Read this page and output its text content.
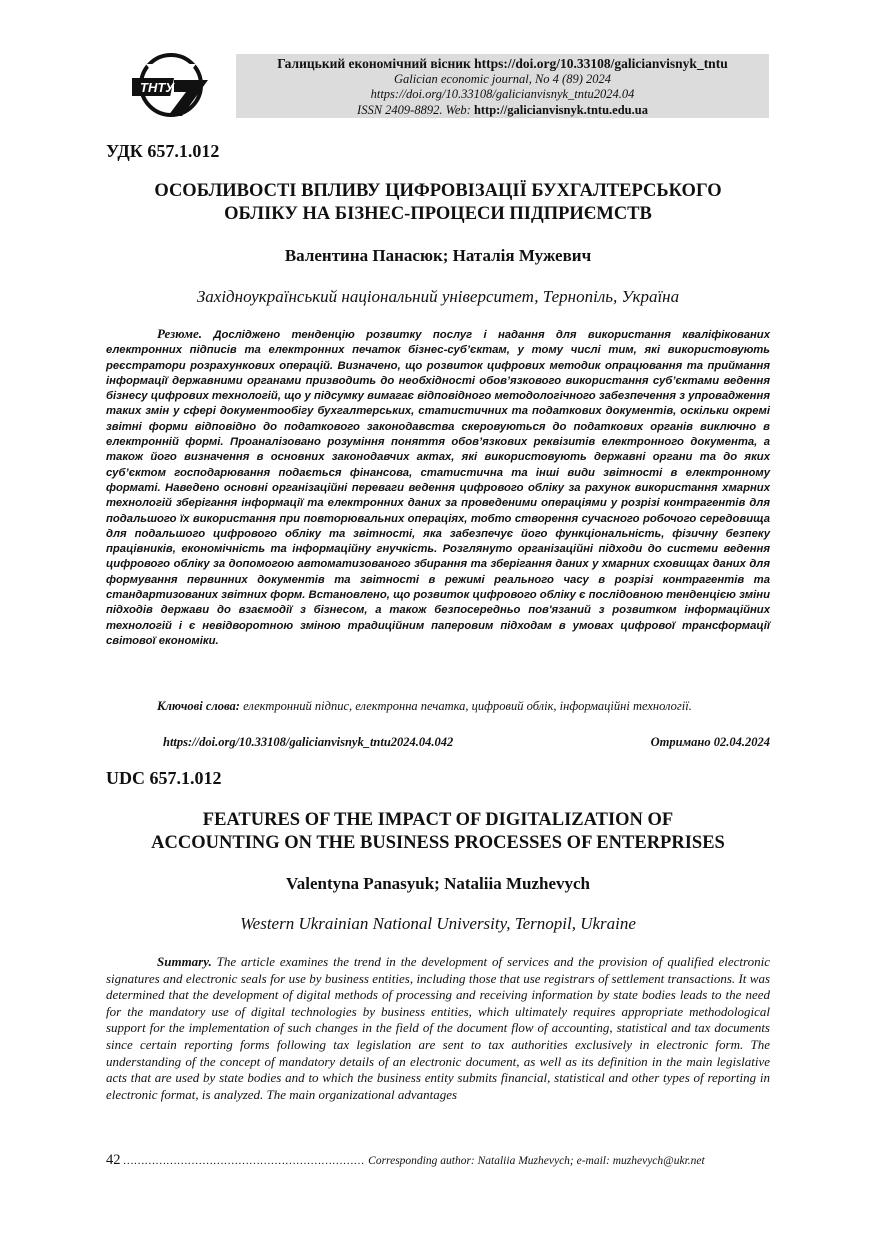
ТНТУ
Галицький економічний вісник https://doi.org/10.33108/galicianvisnyk_tntu
Galician economic journal, No 4 (89) 2024
https://doi.org/10.33108/galicianvisnyk_tntu2024.04
ISSN 2409-8892. Web: http://galicianvisnyk.tntu.edu.ua
УДК 657.1.012
ОСОБЛИВОСТІ ВПЛИВУ ЦИФРОВІЗАЦІЇ БУХГАЛТЕРСЬКОГО
ОБЛІКУ НА БІЗНЕС-ПРОЦЕСИ ПІДПРИЄМСТВ
Валентина Панасюк; Наталія Мужевич
Західноукраїнський національний університет, Тернопіль, Україна
Резюме. Досліджено тенденцію розвитку послуг і надання для використання кваліфікованих електронних підписів та електронних печаток бізнес-суб’єктам, у тому числі тим, які використовують реєстратори розрахункових операцій. Визначено, що розвиток цифрових методик опрацювання та приймання інформації державними органами призводить до необхідності обов’язкового використання суб’єктами ведення бізнесу цифрових технологій, що у підсумку вимагає відповідного методологічного забезпечення з упровадження таких змін у сфері документообігу бухгалтерських, статистичних та податкових документів, оскільки окремі звітні форми відповідно до податкового законодавства скеровуються до податкових органів виключно в електронній формі. Проаналізовано розуміння поняття обов’язкових реквізитів електронного документа, а також його визначення в основних законодавчих актах, які використовують державні органи та до яких суб’єктом господарювання подається фінансова, статистична та інші види звітності в електронному форматі. Наведено основні організаційні переваги ведення цифрового обліку за рахунок використання хмарних технологій зберігання інформації та електронних даних за проведеними операціями у розрізі контрагентів для подальшого їх використання при повторювальних операціях, тобто створення сучасного робочого середовища для подальшого цифрового обліку та звітності, яка забезпечує його функціональність, фізичну безпеку працівників, економічність та інформаційну гнучкість. Розглянуто організаційні підходи до системи ведення цифрового обліку за допомогою автоматизованого збирання та зберігання даних у хмарних сховищах даних для формування первинних документів та звітності в режимі реального часу в розрізі контрагентів та стандартизованих звітних форм. Встановлено, що розвиток цифрового обліку є послідовною тенденцією зміни підходів держави до взаємодії з бізнесом, а також безпосередньо пов'язаний з розвитком інформаційних технологій і є невідворотною зміною традиційним паперовим підходам в умовах цифрової трансформації світової економіки.
Ключові слова: електронний підпис, електронна печатка, цифровий облік, інформаційні технології.
https://doi.org/10.33108/galicianvisnyk_tntu2024.04.042	Отримано 02.04.2024
UDC 657.1.012
FEATURES OF THE IMPACT OF DIGITALIZATION OF
ACCOUNTING ON THE BUSINESS PROCESSES OF ENTERPRISES
Valentyna Panasyuk; Nataliia Muzhevych
Western Ukrainian National University, Ternopil, Ukraine
Summary. The article examines the trend in the development of services and the provision of qualified electronic signatures and electronic seals for use by business entities, including those that use registrars of settlement transactions. It was determined that the development of digital methods of processing and receiving information by state bodies leads to the need for the mandatory use of digital technologies by business entities, which ultimately requires appropriate methodological support for the implementation of such changes in the field of the document flow of accounting, statistical and tax documents since certain reporting forms following tax legislation are sent to tax authorities exclusively in electronic form. The understanding of the concept of mandatory details of an electronic document, as well as its definition in the main legislative acts that are used by state bodies and to which the business entity submits financial, statistical and other types of reporting in electronic format, is analyzed. The main organizational advantages
42 ………………….……….……….……….…………… Corresponding author: Nataliia Muzhevych; e-mail: muzhevych@ukr.net
